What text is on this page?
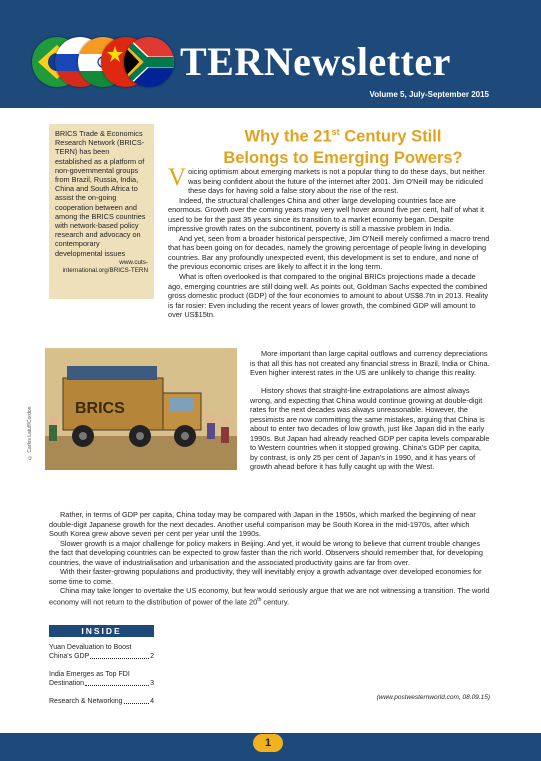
TERNewsletter
Volume 5, July-September 2015
BRICS Trade & Economics Research Network (BRICS-TERN) has been established as a platform of non-governmental groups from Brazil, Russia, India, China and South Africa to assist the on-going cooperation between and among the BRICS countries with network-based policy research and advocacy on contemporary developmental issues
www.cuts-international.org/BRICS-TERN
Why the 21st Century Still
Belongs to Emerging Powers?

Voicing optimism about emerging markets is not a popular thing to do these days, but neither was being confident about the future of the internet after 2001. Jim O'Neill may be ridiculed these days for having sold a false story about the rise of the rest.

Indeed, the structural challenges China and other large developing countries face are enormous. Growth over the coming years may very well hover around five per cent, half of what it used to be for the past 35 years since its transition to a market economy began. Despite impressive growth rates on the subcontinent, poverty is still a massive problem in India.

And yet, seen from a broader historical perspective, Jim O'Neill merely confirmed a macro trend that has been going on for decades, namely the growing percentage of people living in developing countries. Bar any profoundly unexpected event, this development is set to endure, and none of the previous economic crises are likely to affect it in the long term.

What is often overlooked is that compared to the original BRICs projections made a decade ago, emerging countries are still doing well. As points out, Goldman Sachs expected the combined gross domestic product (GDP) of the four economies to amount to about US$8.7tn in 2013. Reality is far rosier: Even including the recent years of lower growth, the combined GDP will amount to over US$15tn.

BRICS
© Carlos Latuff/Cordon

More important than large capital outflows and currency depreciations is that all this has not created any financial stress in Brazil, India or China. Even higher interest rates in the US are unlikely to change this reality.

History shows that straight-line extrapolations are almost always wrong, and expecting that China would continue growing at double-digit rates for the next decades was always unreasonable. However, the pessimists are now committing the same mistakes, arguing that China is about to enter two decades of low growth, just like Japan did in the early 1990s. But Japan had already reached GDP per capita levels comparable to Western countries when it stopped growing. China's GDP per capita, by contrast, is only 25 per cent of Japan's in 1990, and it has years of growth ahead before it has fully caught up with the West.

Rather, in terms of GDP per capita, China today may be compared with Japan in the 1950s, which marked the beginning of near double-digit Japanese growth for the next decades. Another useful comparison may be South Korea in the mid-1970s, after which South Korea grew above seven per cent per year until the 1990s.

Slower growth is a major challenge for policy makers in Beijing. And yet, it would be wrong to believe that current trouble changes the fact that developing countries can be expected to grow faster than the rich world. Observers should remember that, for developing countries, the wave of industrialisation and urbanisation and the associated productivity gains are far from over.

With their faster-growing populations and productivity, they will inevitably enjoy a growth advantage over developed economies for some time to come.

China may take longer to overtake the US economy, but few would seriously argue that we are not witnessing a transition. The world economy will not return to the distribution of power of the late 20th century.

(www.postwesternworld.com, 08.09.15)
INSIDE
Yuan Devaluation to Boost
China's GDP	2
India Emerges as Top FDI
Destination	3
Research & Networking	4
1
